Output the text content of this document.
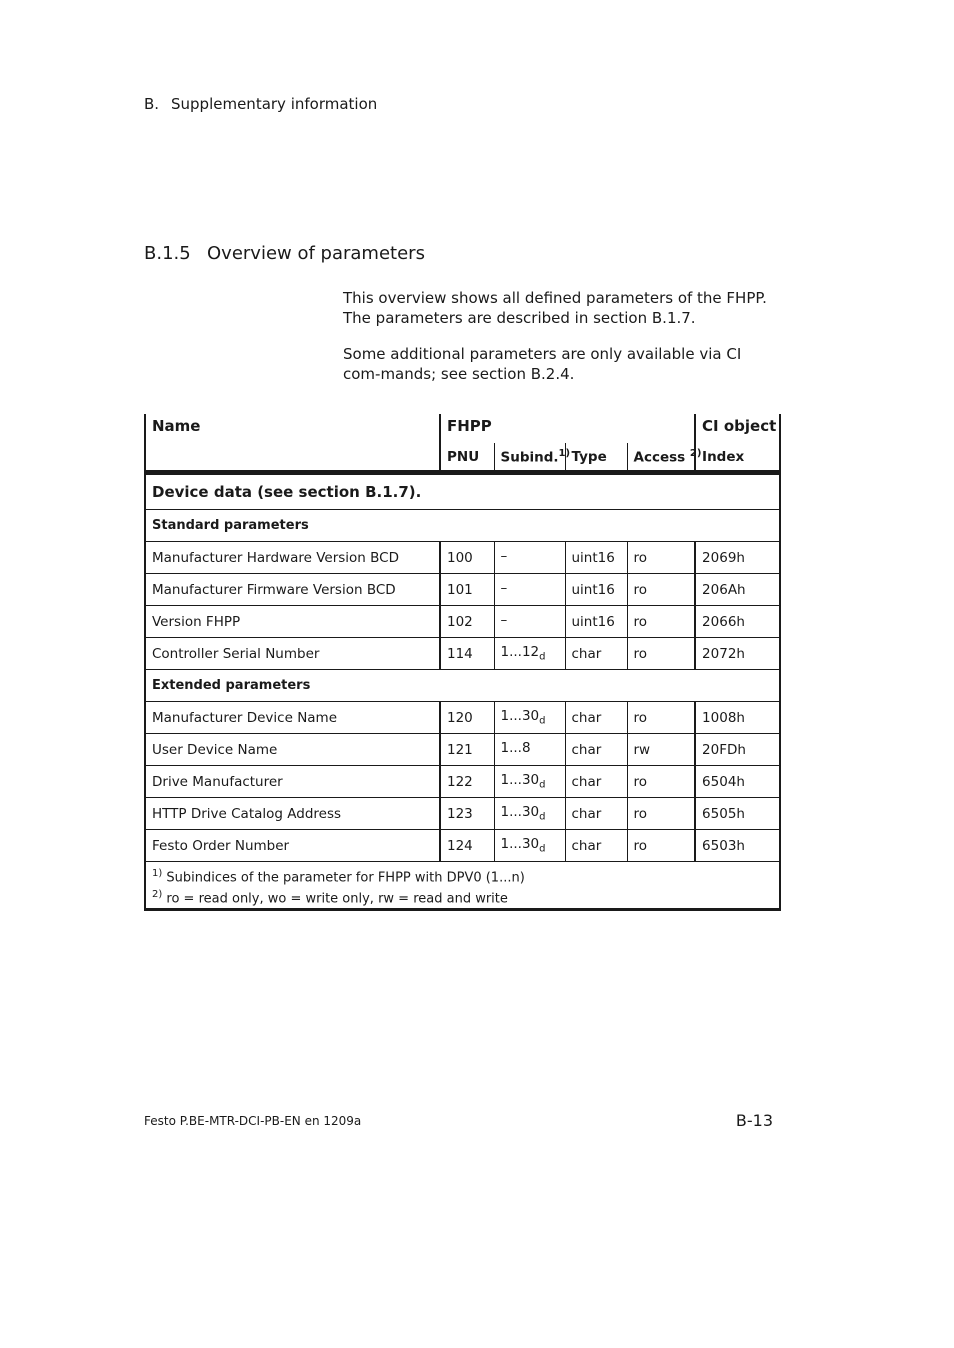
B. Supplementary information
B.1.5 Overview of parameters

This overview shows all defined parameters of the FHPP. The parameters are described in section B.1.7.

Some additional parameters are only available via CI com-mands; see section B.2.4.

Name	FHPP				CI object
	PNU	Subind.$^{1)}$	Type	Access $^{2)}$	Index
Device data (see section B.1.7).					
Standard parameters					
Manufacturer Hardware Version BCD	100	–	uint16	ro	2069h
Manufacturer Firmware Version BCD	101	–	uint16	ro	206Ah
Version FHPP	102	–	uint16	ro	2066h
Controller Serial Number	114	$1...12_d$	char	ro	2072h
Extended parameters					
Manufacturer Device Name	120	$1...30_d$	char	ro	1008h
User Device Name	121	1...8	char	rw	20FDh
Drive Manufacturer	122	$1...30_d$	char	ro	6504h
HTTP Drive Catalog Address	123	$1...30_d$	char	ro	6505h
Festo Order Number	124	$1...30_d$	char	ro	6503h

$^{1)}$ Subindices of the parameter for FHPP with DPV0 (1...n)
$^{2)}$ ro = read only, wo = write only, rw = read and write					
Festo P.BE-MTR-DCI-PB-EN en 1209a	B-13
